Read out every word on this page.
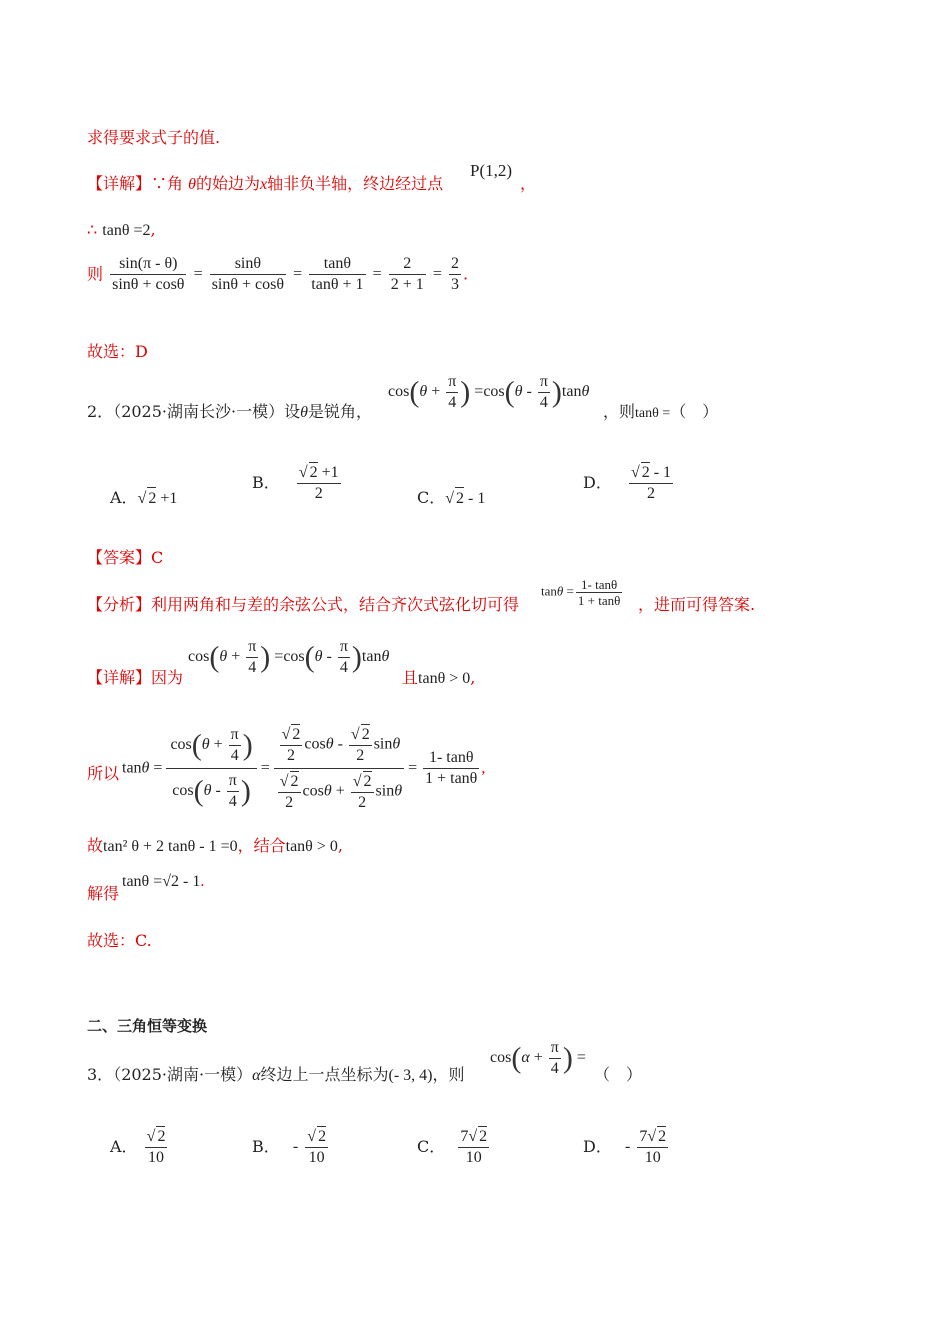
求得要求式子的值.
【详解】∵角 θ的始边为x轴非负半轴，终边经过点
P(1,2)
，
∴ tanθ =2,
则 $\frac{\sin(\pi - \theta)}{\sin\theta + \cos\theta} = \frac{\sin\theta}{\sin\theta + \cos\theta} = \frac{\tan\theta}{\tan\theta + 1} = \frac{2}{2 + 1} = \frac{2}{3}$ .
故选：D
2．（2025·湖南长沙·一模）设θ是锐角，
$\cos(\theta + \frac{\pi}{4}$ ) $=\cos(\theta - \frac{\pi}{4} )\tan\theta$
，则tanθ =（　）
A．√ 2 +1
B． $\frac{√ 2 +1}{2}$	C．√ 2 - 1
D． $\frac{√ 2 - 1}{2}$
【答案】C
【分析】利用两角和与差的余弦公式，结合齐次式弦化切可得
$\tan\theta = \frac{1- \tan\theta}{1 + \tan\theta}$ ，进而可得答案.
【详解】因为
$\cos(\theta + \frac{\pi}{4}$ ) $=\cos(\theta - \frac{\pi}{4} )\tan\theta$
且tanθ > 0,
所以 $\tan\theta = \frac{\cos(\theta + \frac{\pi}{4} )}{\cos(\theta - \frac{\pi}{4} )} = \frac{\frac{√ 2}{2} \cos\theta - \frac{√ 2}{2} \sin\theta}{\frac{√ 2}{2} \cos\theta + \frac{√ 2}{2} \sin\theta} = \frac{1- \tan\theta}{1 + \tan\theta}$ ,
故tan² θ + 2 tanθ - 1 =0，结合tanθ > 0,
解得
tanθ =√2 - 1.
故选：C.
二、三角恒等变换
3．（2025·湖南·一模）α终边上一点坐标为(- 3, 4)，则
$\cos(\alpha + \frac{\pi}{4}$ ) =
（　）
A． $\frac{√ 2}{10}$	B． - $\frac{√ 2}{10}$	C． $\frac{7√ 2}{10}$	D． - $\frac{7√ 2}{10}$
